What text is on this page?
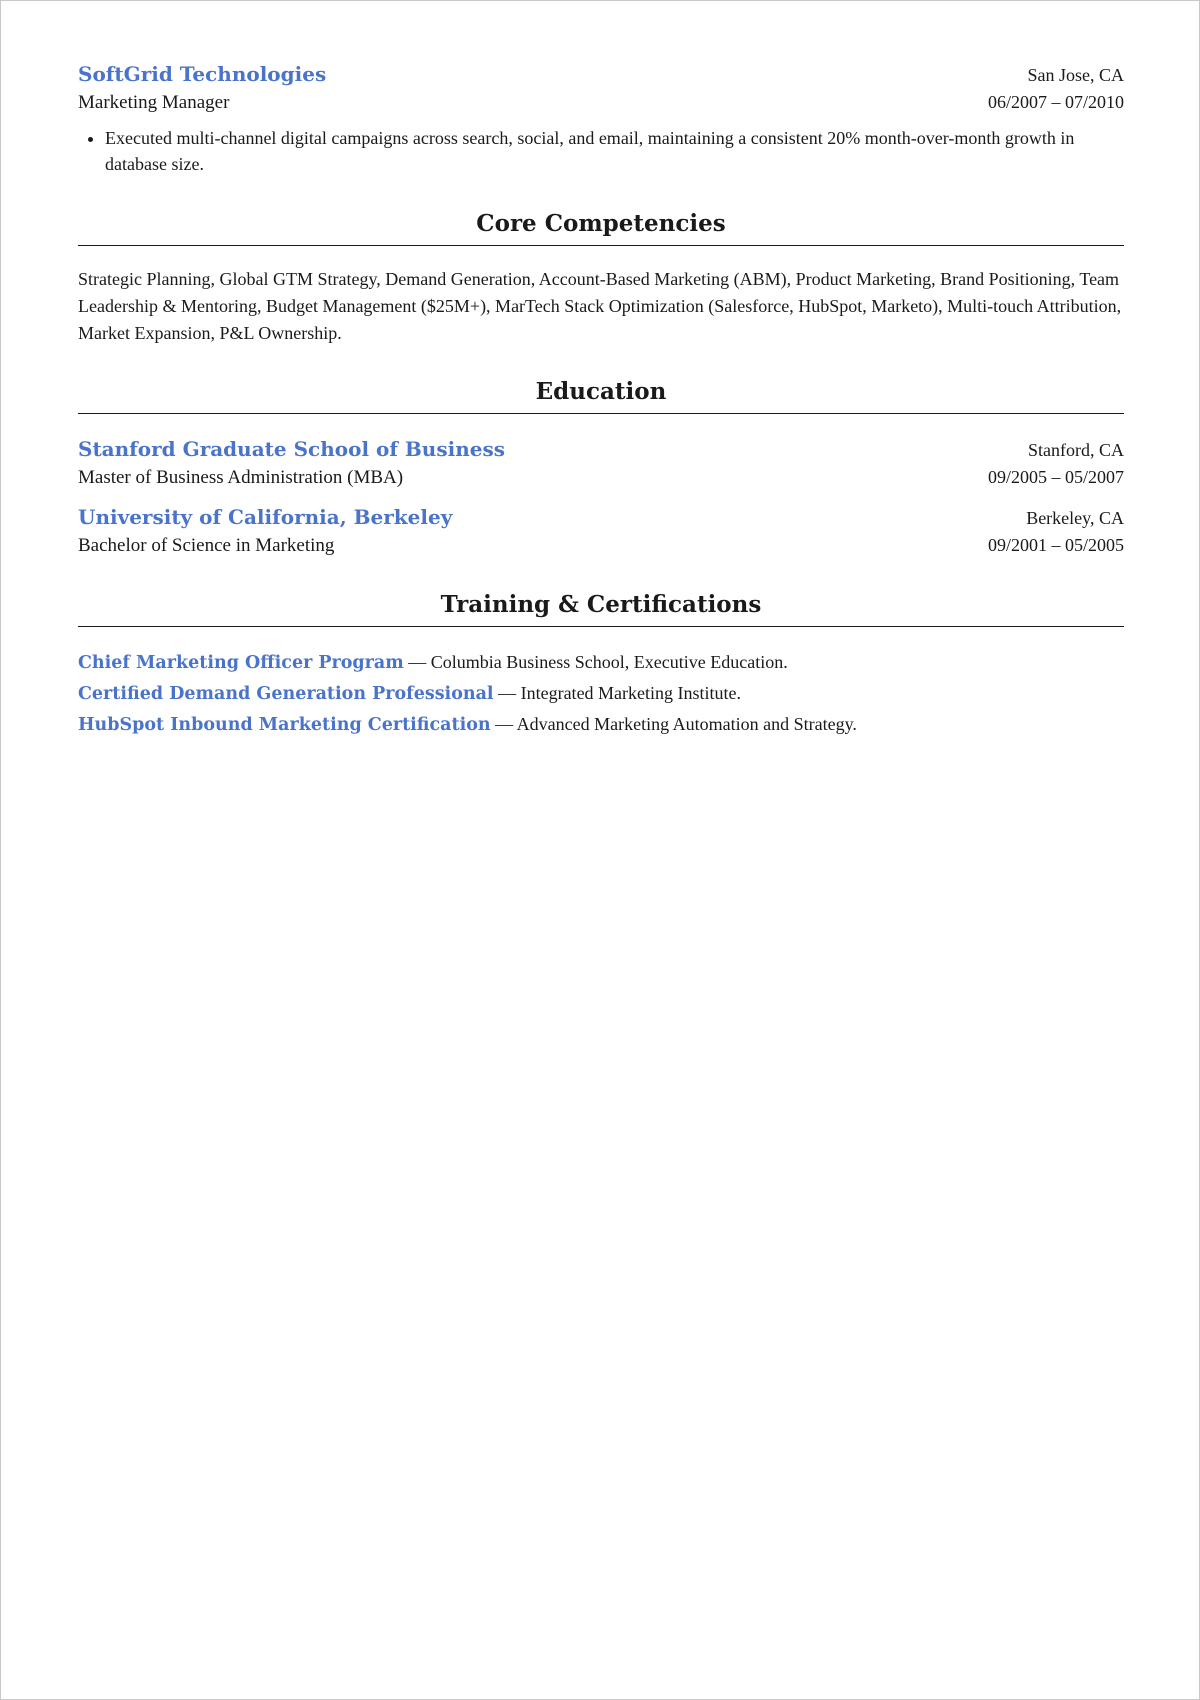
SoftGrid Technologies	San Jose, CA
Marketing Manager	06/2007 – 07/2010
• Executed multi-channel digital campaigns across search, social, and email, maintaining a consistent 20% month-over-month growth in database size.
Core Competencies
Strategic Planning, Global GTM Strategy, Demand Generation, Account-Based Marketing (ABM), Product Marketing, Brand Positioning, Team Leadership & Mentoring, Budget Management ($25M+), MarTech Stack Optimization (Salesforce, HubSpot, Marketo), Multi-touch Attribution, Market Expansion, P&L Ownership.
Education
Stanford Graduate School of Business	Stanford, CA
Master of Business Administration (MBA)	09/2005 – 05/2007
University of California, Berkeley	Berkeley, CA
Bachelor of Science in Marketing	09/2001 – 05/2005
Training & Certifications
Chief Marketing Officer Program — Columbia Business School, Executive Education.
Certified Demand Generation Professional — Integrated Marketing Institute.
HubSpot Inbound Marketing Certification — Advanced Marketing Automation and Strategy.
